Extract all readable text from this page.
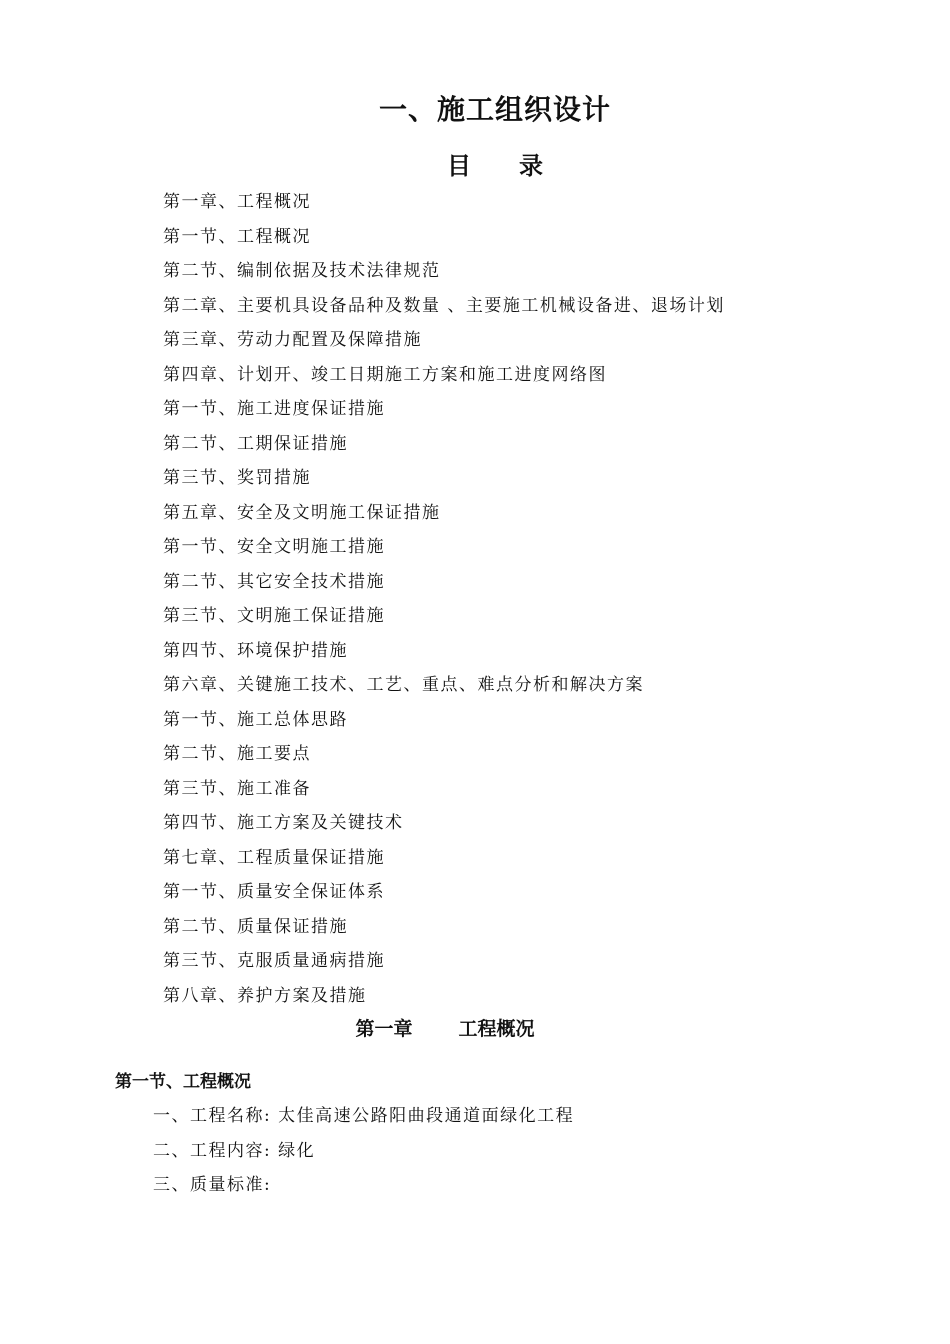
一、施工组织设计
目 录
第一章、工程概况
第一节、工程概况
第二节、编制依据及技术法律规范
第二章、主要机具设备品种及数量 、主要施工机械设备进、退场计划
第三章、劳动力配置及保障措施
第四章、计划开、竣工日期施工方案和施工进度网络图
第一节、施工进度保证措施
第二节、工期保证措施
第三节、奖罚措施
第五章、安全及文明施工保证措施
第一节、安全文明施工措施
第二节、其它安全技术措施
第三节、文明施工保证措施
第四节、环境保护措施
第六章、关键施工技术、工艺、重点、难点分析和解决方案
第一节、施工总体思路
第二节、施工要点
第三节、施工准备
第四节、施工方案及关键技术
第七章、工程质量保证措施
第一节、质量安全保证体系
第二节、质量保证措施
第三节、克服质量通病措施
第八章、养护方案及措施
第一章 工程概况
第一节、工程概况
一、工程名称: 太佳高速公路阳曲段通道面绿化工程
二、工程内容: 绿化
三、质量标准:
